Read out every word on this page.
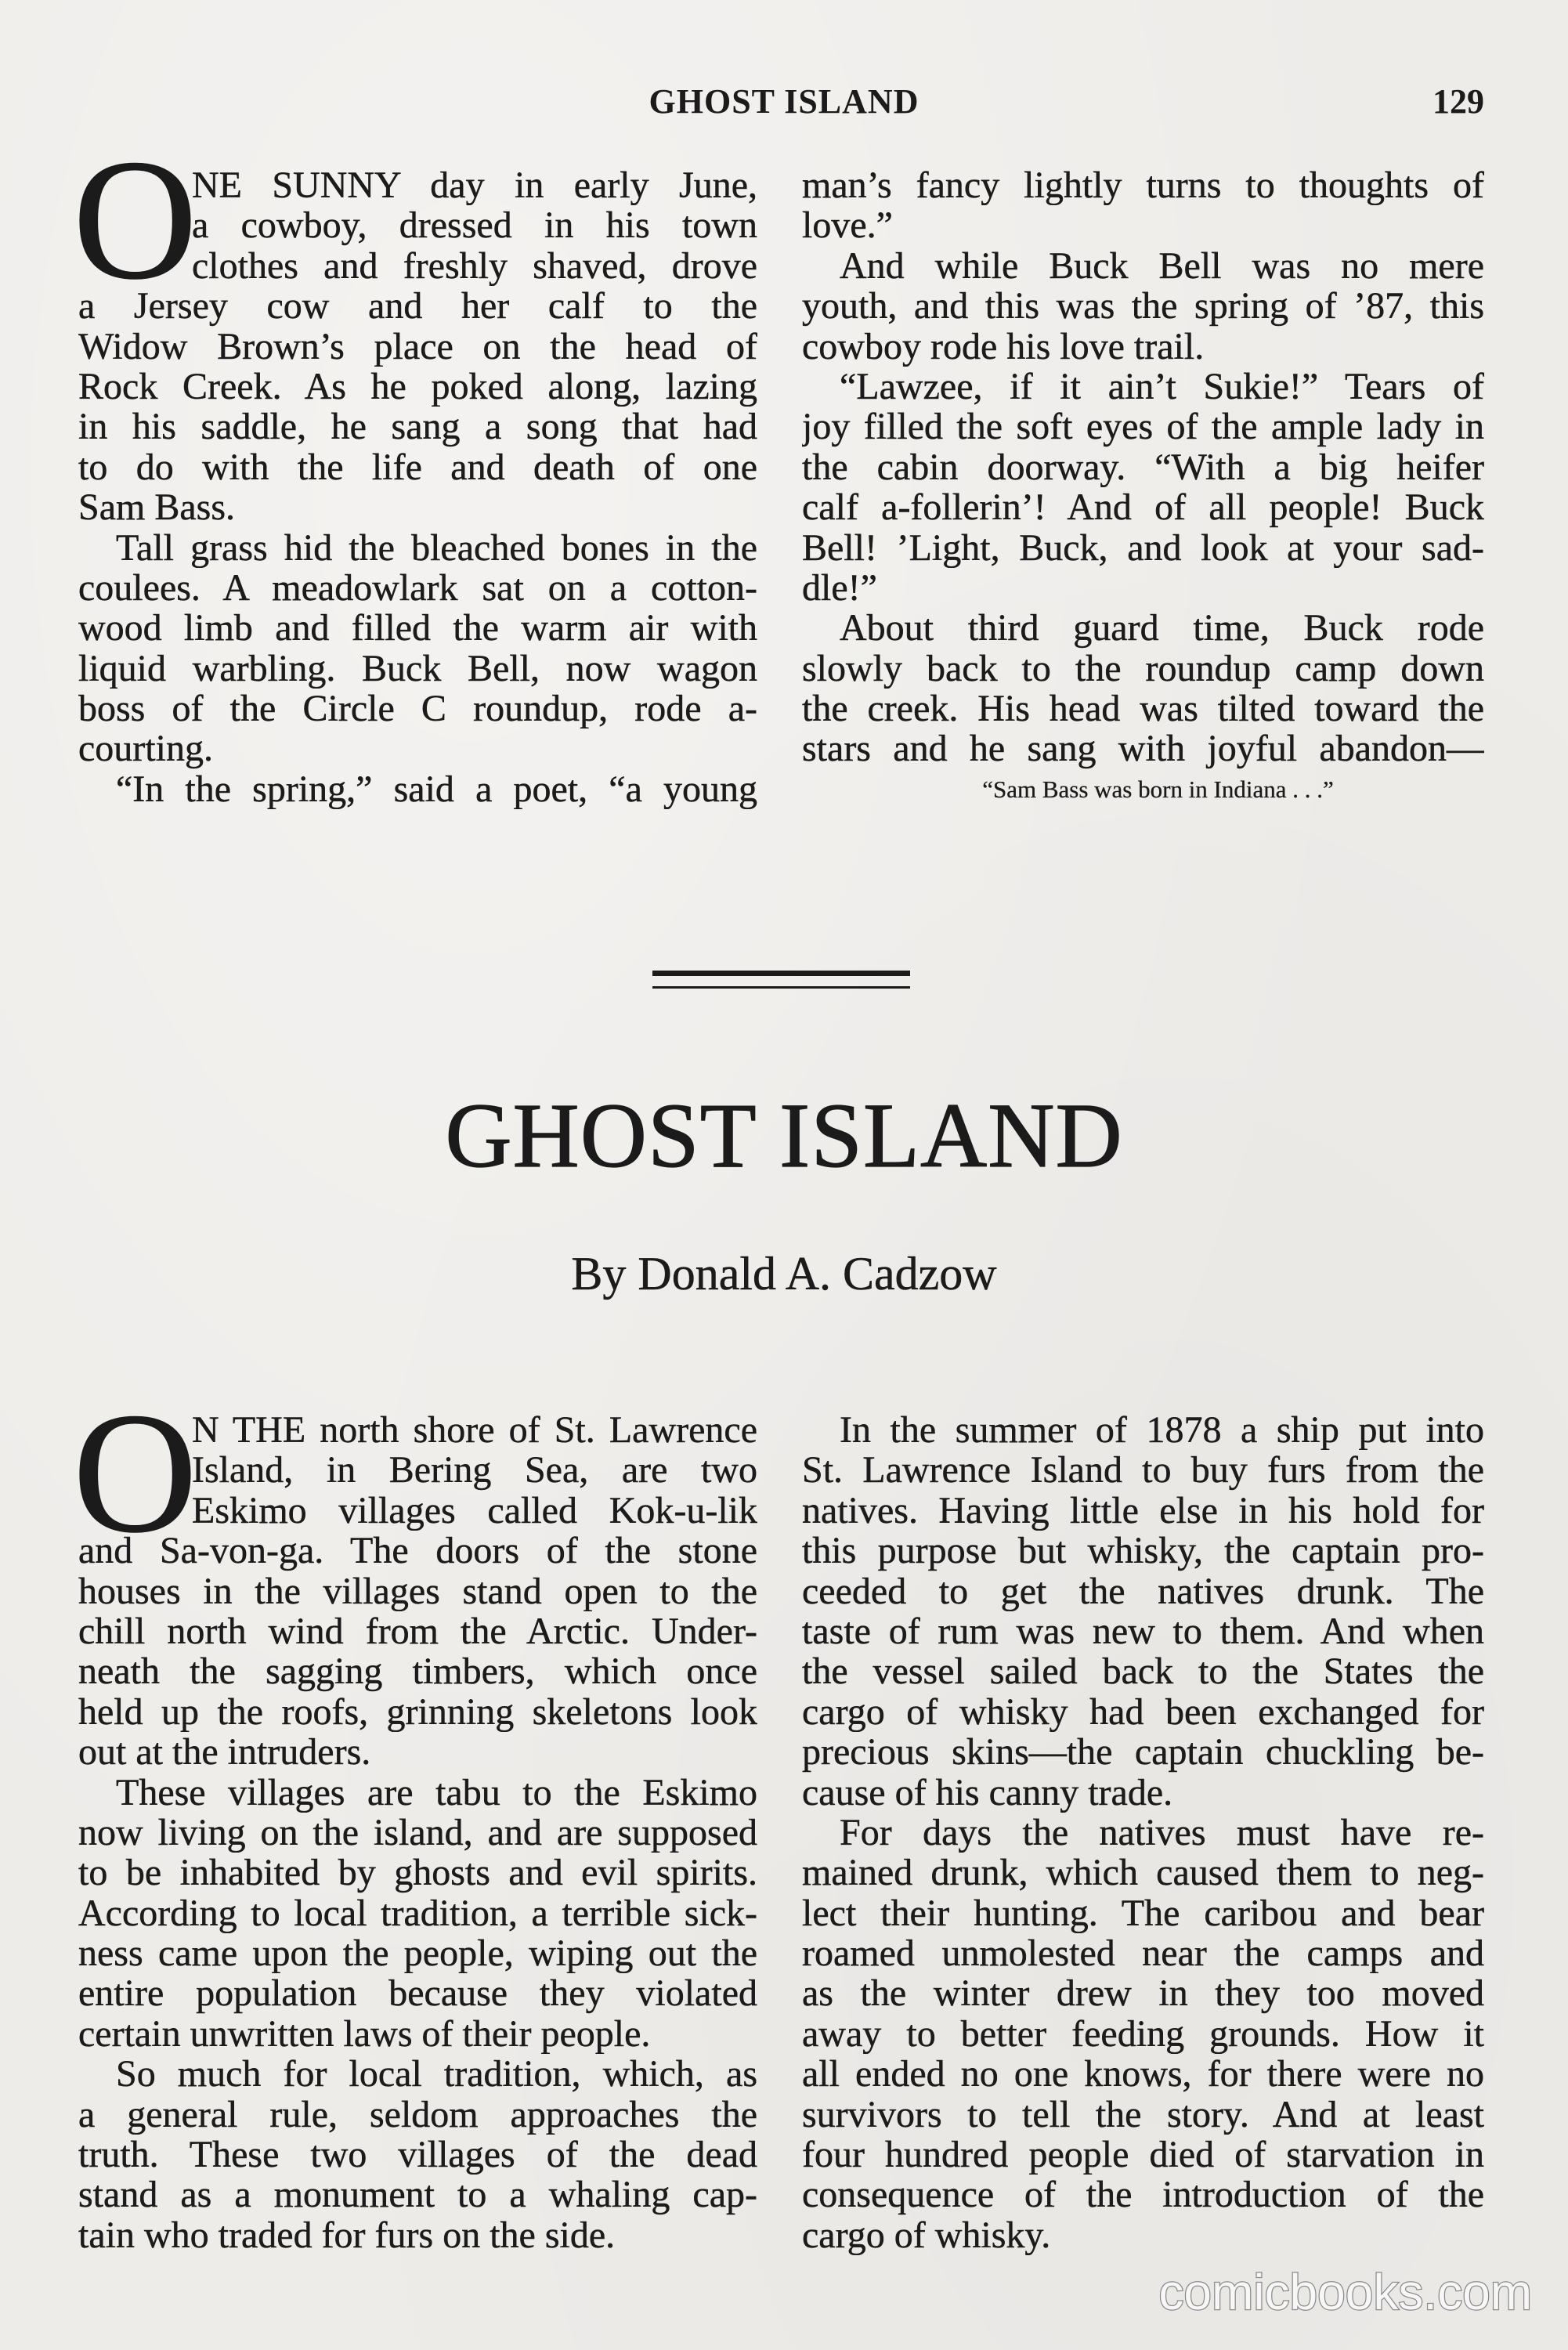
GHOST ISLAND	129
O
NE SUNNY day in early June,
a cowboy, dressed in his town
clothes and freshly shaved, drove
a Jersey cow and her calf to the
Widow Brown’s place on the head of
Rock Creek. As he poked along, lazing
in his saddle, he sang a song that had
to do with the life and death of one
Sam Bass.
Tall grass hid the bleached bones in the
coulees. A meadowlark sat on a cotton-
wood limb and filled the warm air with
liquid warbling. Buck Bell, now wagon
boss of the Circle C roundup, rode a-
courting.
“In the spring,” said a poet, “a young
man’s fancy lightly turns to thoughts of
love.”
And while Buck Bell was no mere
youth, and this was the spring of ’87, this
cowboy rode his love trail.
“Lawzee, if it ain’t Sukie!” Tears of
joy filled the soft eyes of the ample lady in
the cabin doorway. “With a big heifer
calf a-follerin’! And of all people! Buck
Bell! ’Light, Buck, and look at your sad-
dle!”
About third guard time, Buck rode
slowly back to the roundup camp down
the creek. His head was tilted toward the
stars and he sang with joyful abandon—
“Sam Bass was born in Indiana . . .”
GHOST ISLAND
By Donald A. Cadzow
O
N THE north shore of St. Lawrence
Island, in Bering Sea, are two
Eskimo villages called Kok-u-lik
and Sa-von-ga. The doors of the stone
houses in the villages stand open to the
chill north wind from the Arctic. Under-
neath the sagging timbers, which once
held up the roofs, grinning skeletons look
out at the intruders.
These villages are tabu to the Eskimo
now living on the island, and are supposed
to be inhabited by ghosts and evil spirits.
According to local tradition, a terrible sick-
ness came upon the people, wiping out the
entire population because they violated
certain unwritten laws of their people.
So much for local tradition, which, as
a general rule, seldom approaches the
truth. These two villages of the dead
stand as a monument to a whaling cap-
tain who traded for furs on the side.
In the summer of 1878 a ship put into
St. Lawrence Island to buy furs from the
natives. Having little else in his hold for
this purpose but whisky, the captain pro-
ceeded to get the natives drunk. The
taste of rum was new to them. And when
the vessel sailed back to the States the
cargo of whisky had been exchanged for
precious skins—the captain chuckling be-
cause of his canny trade.
For days the natives must have re-
mained drunk, which caused them to neg-
lect their hunting. The caribou and bear
roamed unmolested near the camps and
as the winter drew in they too moved
away to better feeding grounds. How it
all ended no one knows, for there were no
survivors to tell the story. And at least
four hundred people died of starvation in
consequence of the introduction of the
cargo of whisky.
comicbooks.com
